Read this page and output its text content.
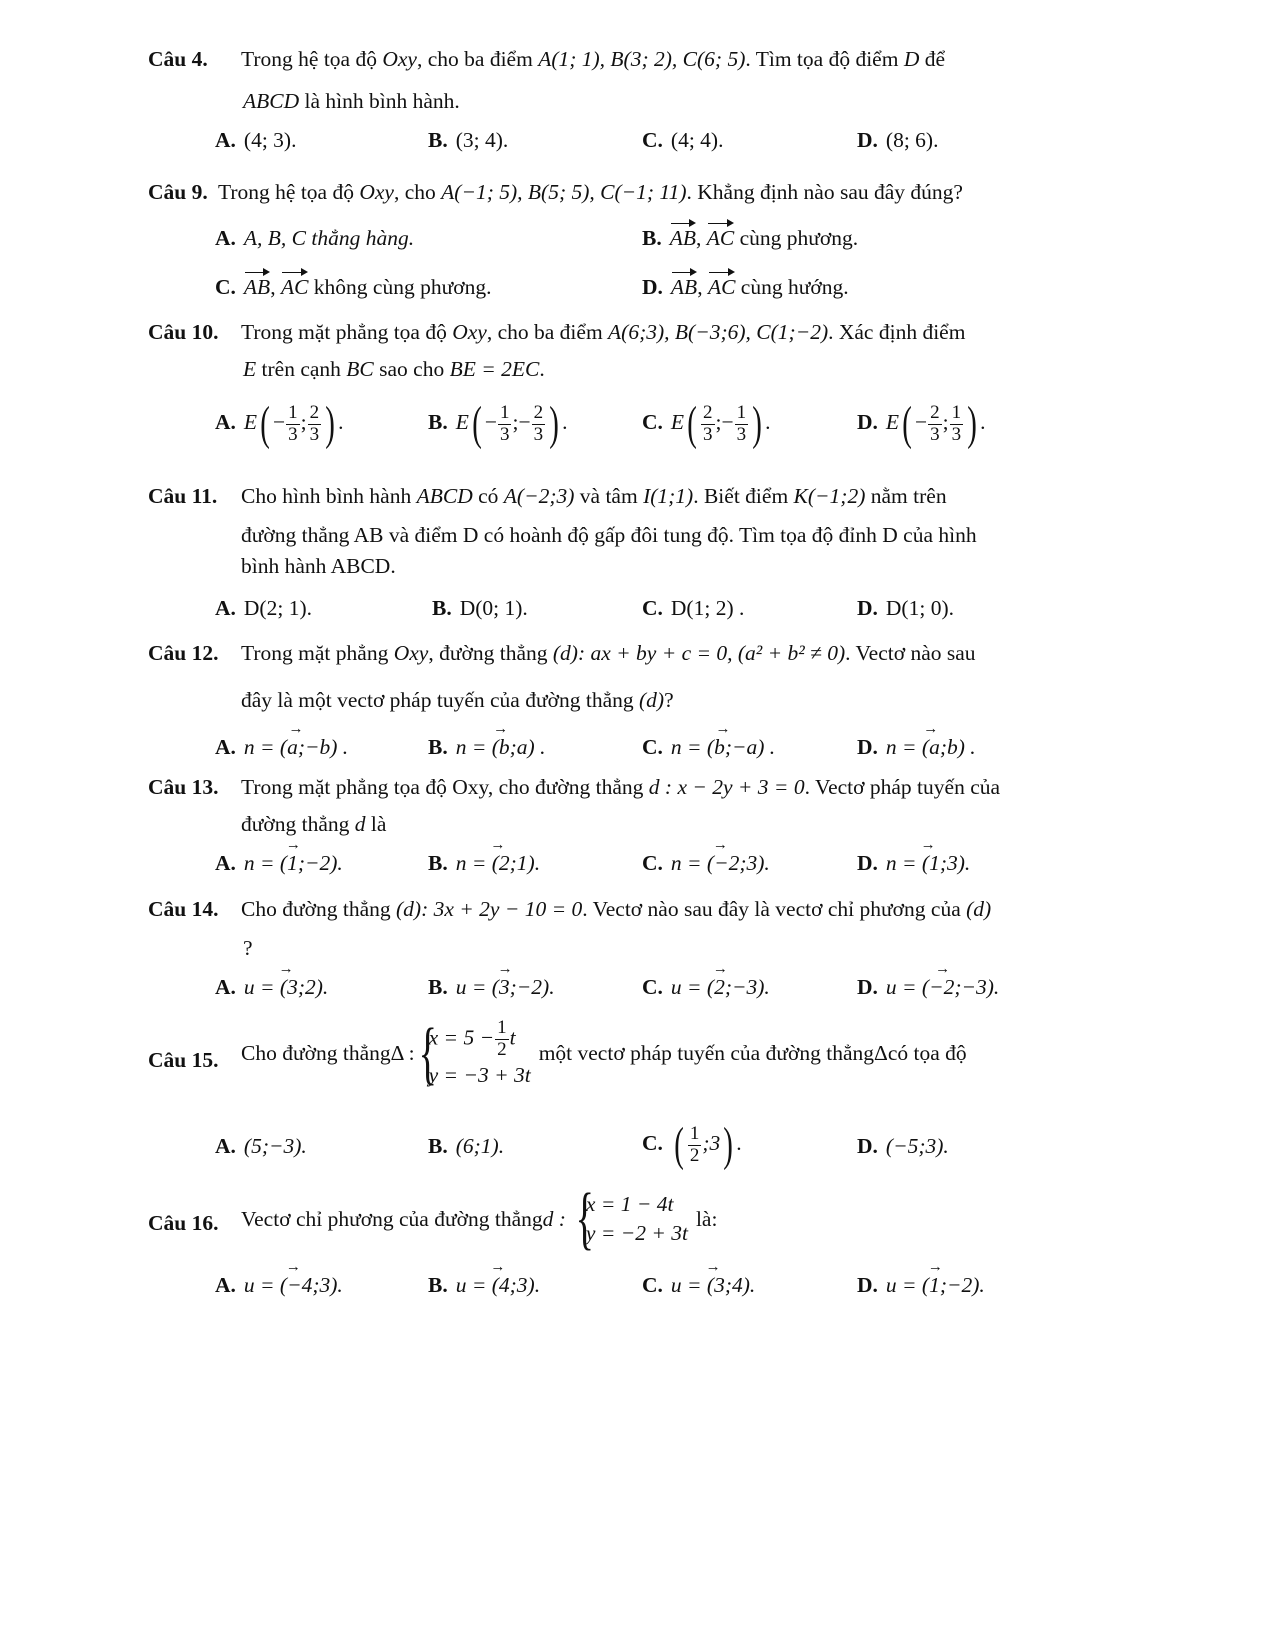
Câu 4. Trong hệ tọa độ Oxy, cho ba điểm A(1; 1), B(3; 2), C(6; 5). Tìm tọa độ điểm D để
ABCD là hình bình hành.
A. (4; 3).	B. (3; 4).	C. (4; 4).	D. (8; 6).
Câu 9. Trong hệ tọa độ Oxy, cho A(−1; 5), B(5; 5), C(−1; 11). Khẳng định nào sau đây đúng?
A. A, B, C thẳng hàng.	B. AB, AC cùng phương.
C. AB, AC không cùng phương.	D. AB, AC cùng hướng.
Câu 10. Trong mặt phẳng tọa độ Oxy, cho ba điểm A(6;3), B(−3;6), C(1;−2). Xác định điểm
E trên cạnh BC sao cho BE = 2EC.
A. $E( - \frac{1}{3}$ ; $\frac{2}{3}$ ) .	B. $E( - \frac{1}{3}$ ;− $\frac{2}{3}$ ) .	C. $E( \frac{2}{3}$ ;− $\frac{1}{3}$ ) .	D. $E( - \frac{2}{3}$ ; $\frac{1}{3}$ ) .
Câu 11. Cho hình bình hành ABCD có A(−2;3) và tâm I(1;1). Biết điểm K(−1;2) nằm trên
đường thẳng AB và điểm D có hoành độ gấp đôi tung độ. Tìm tọa độ đỉnh D của hình
bình hành ABCD.
A. D(2; 1).	B. D(0; 1).	C. D(1; 2) .	D. D(1; 0).
Câu 12. Trong mặt phẳng Oxy, đường thẳng (d): ax + by + c = 0, (a² + b² ≠ 0). Vectơ nào sau
đây là một vectơ pháp tuyến của đường thẳng (d)?
A. → n = (a;−b) .	B. → n = (b;a) .	C. → n = (b;−a) .	D. → n = (a;b) .
Câu 13. Trong mặt phẳng tọa độ Oxy, cho đường thẳng d : x − 2y + 3 = 0. Vectơ pháp tuyến của
đường thẳng d là
A. → n = (1;−2).	B. → n = (2;1).	C. → n = (−2;3).	D. → n = (1;3).
Câu 14. Cho đường thẳng (d): 3x + 2y − 10 = 0. Vectơ nào sau đây là vectơ chỉ phương của (d)
?
A. → u = (3;2).	B. → u = (3;−2).	C. → u = (2;−3).	D. → u = (−2;−3).
Câu 15. Cho đường thẳng Δ : {
$x = 5 - \frac{1}{2}$ t
y = −3 + 3t
một vectơ pháp tuyến của đường thẳng Δ có tọa độ
A. (5;−3).	B. (6;1).	C. ( $\frac{1}{2}$ ;3) .	D. (−5;3).
Câu 16. Vectơ chỉ phương của đường thẳng d : {
x = 1 − 4t
y = −2 + 3t
là:
A. → u = (−4;3).	B. → u = (4;3).	C. → u = (3;4).	D. → u = (1;−2).
